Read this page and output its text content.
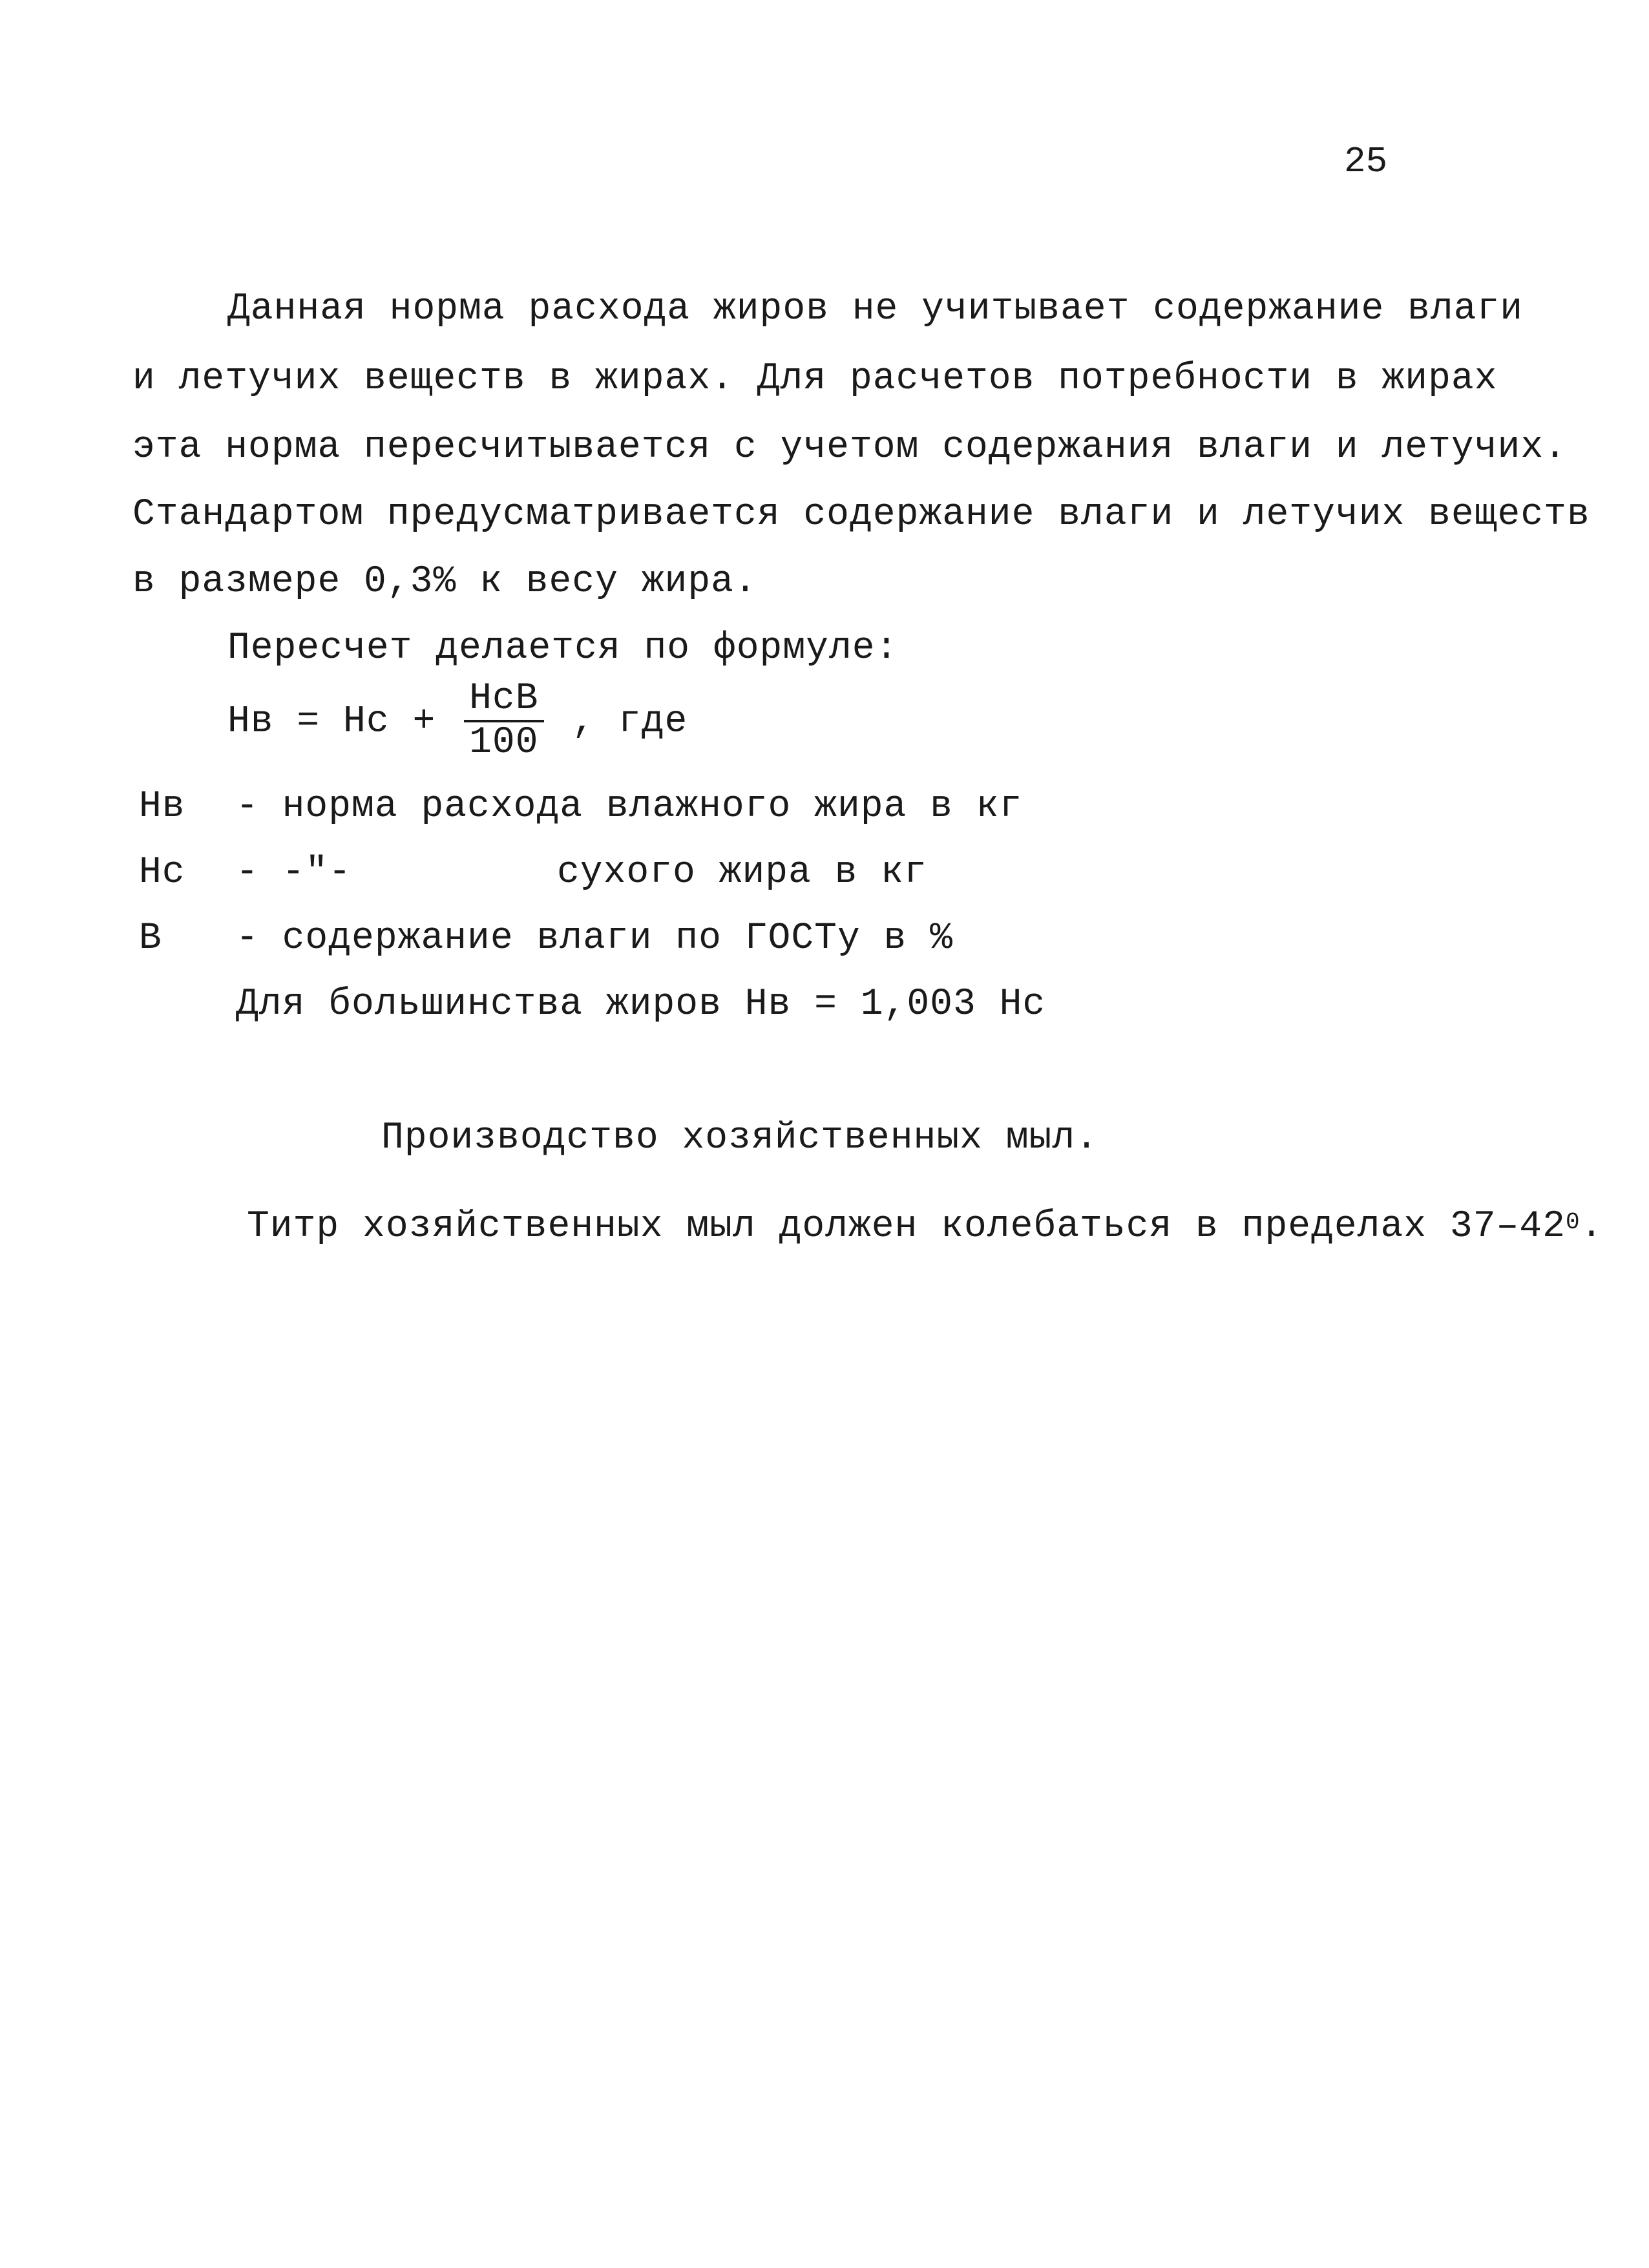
25
Данная норма расхода жиров не учитывает содержание влаги
и летучих веществ в жирах. Для расчетов потребности в жирах
эта норма пересчитывается с учетом содержания влаги и летучих.
Стандартом предусматривается содержание влаги и летучих веществ
в размере 0,3% к весу жира.
Пересчет делается по формуле:
Нв = Нс + $\frac{\text{НсВ}}{100}$ , где
Нв - норма расхода влажного жира в кг
Нс - -"-	сухого жира в кг
В - содержание влаги по ГОСТу в %
Для большинства жиров Нв = 1,003 Нс
Производство хозяйственных мыл.
Титр хозяйственных мыл должен колебаться в пределах $37-42^0$.
